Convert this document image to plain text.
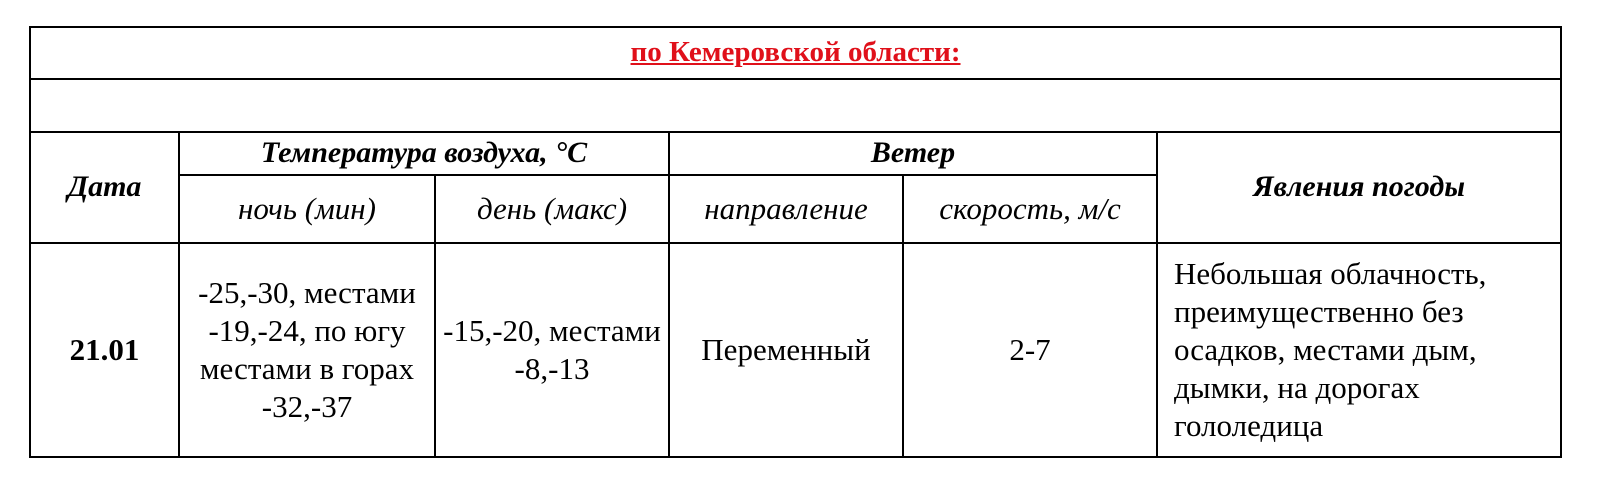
по Кемеровской области:					

Дата	Температура воздуха, °С		Ветер		Явления погоды
	ночь (мин)	день (макс)	направление	скорость, м/с	
21.01	-25,-30, местами -19,-24, по югу местами в горах -32,-37	-15,-20, местами -8,-13	Переменный	2-7	Небольшая облачность, преимущественно без осадков, местами дым, дымки, на дорогах гололедица
